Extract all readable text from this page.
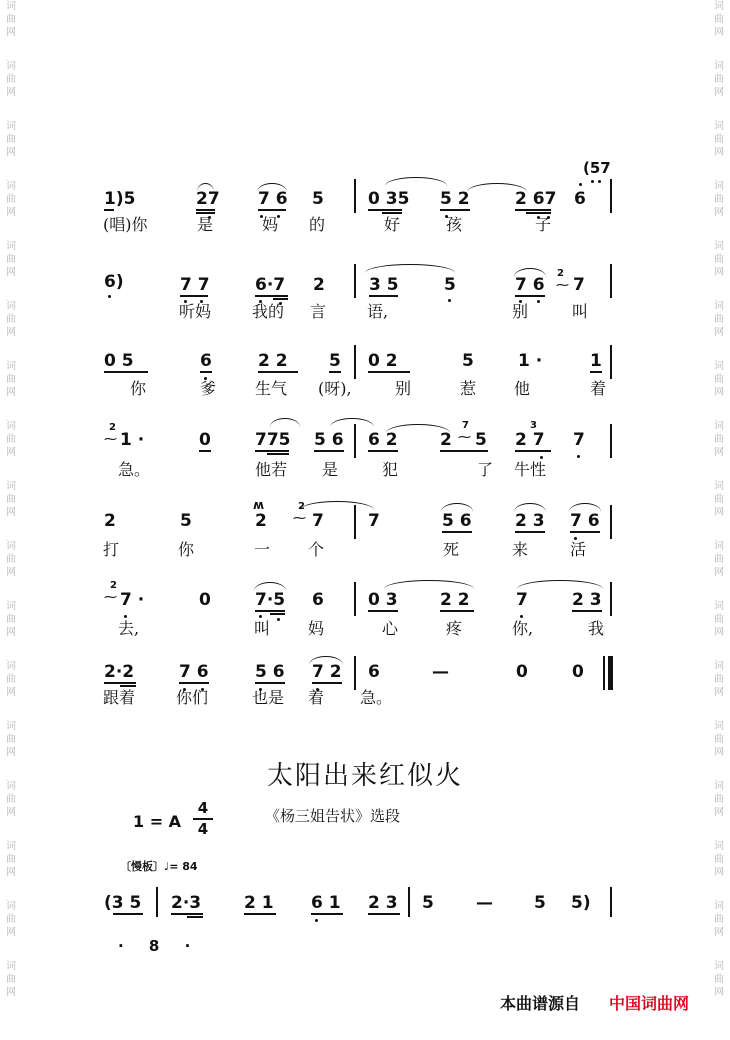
词
曲
网
词
曲
网
词
曲
网
词
曲
网
词
曲
网
词
曲
网
词
曲
网
词
曲
网
词
曲
网
词
曲
网
词
曲
网
词
曲
网
词
曲
网
词
曲
网
词
曲
网
词
曲
网
词
曲
网
词
曲
网
词
曲
网
词
曲
网
词
曲
网
词
曲
网
词
曲
网
词
曲
网
词
曲
网
词
曲
网
词
曲
网
词
曲
网
词
曲
网
词
曲
网
词
曲
网
词
曲
网
词
曲
网
词
曲
网
(57
1)5	27 7 6 5	0 35 5 2	2 67 6
(唱)你	是	妈 的	好	孩	子
6)	7 7	6·7 2	3 5	5	7 6
2
⁓ 7
听妈	我的 言	语,	别	叫
0 5	6	2 2 5 0 2	5	1 ·	1
你	爹 生气 (呀),	别	惹 他	着
2
⁓ 1 ·	0	775 5 6 6 2 2
7
⁓ 5 2 7
3
7
急。	他若 是	犯	了 牛性
2	5	2
ʍ	2
⁓ 7	7	5 6	2 3 7 6
打	你	一 个	死	来	活
2
⁓ 7 ·	0	7·5 6	0 3 2 2	7	2 3
去,	叫 妈	心	疼	你,	我
2·2	7 6	5 6 7 2 6	—	0	0
跟着	你们	也是 着 急。
太阳出来红似火
1 = A
4
4
《杨三姐告状》选段
〔慢板〕♩= 84
(3 5 2·3	2 1 6 1 2 3 5 — 5 5)
· 8 ·
本曲谱源自 中国词曲网
